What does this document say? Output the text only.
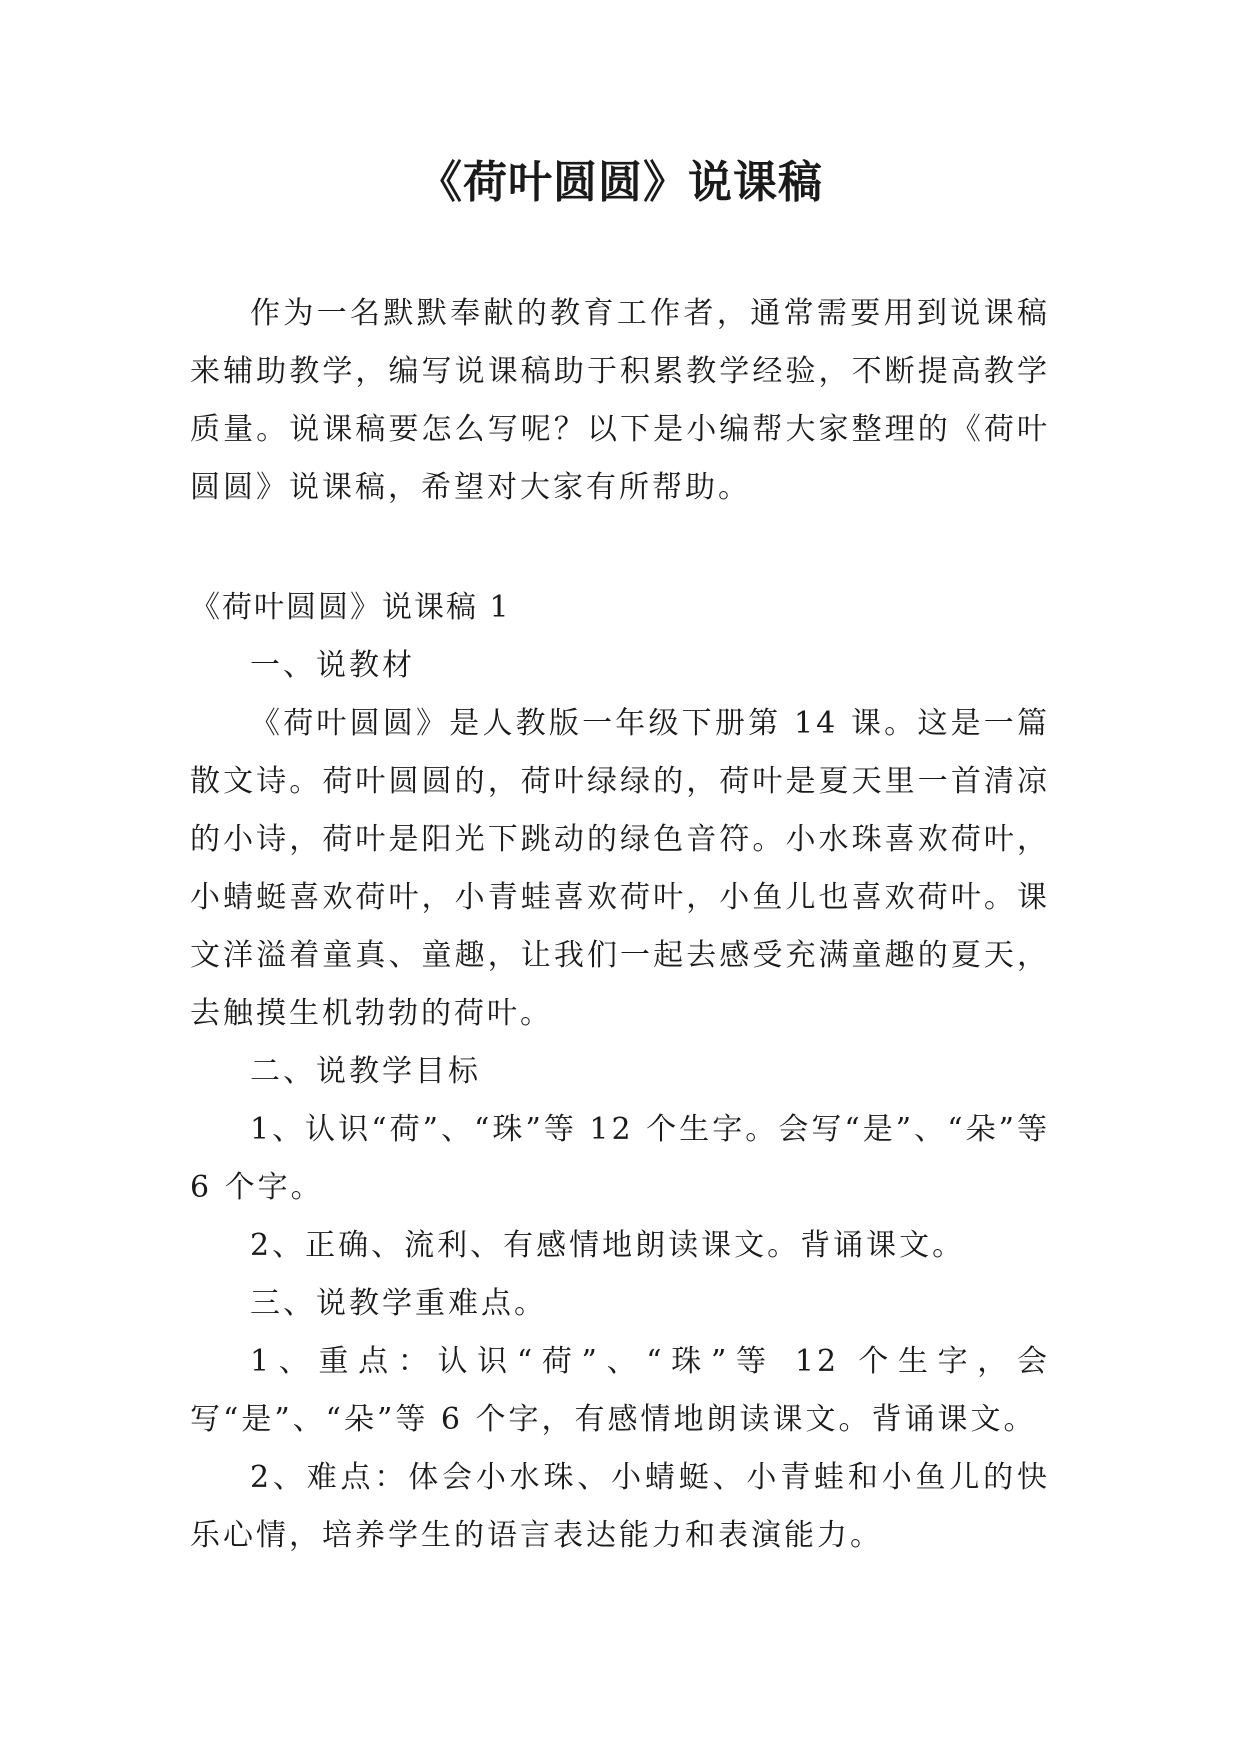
《荷叶圆圆》说课稿

作为一名默默奉献的教育工作者，通常需要用到说课稿来辅助教学，编写说课稿助于积累教学经验，不断提高教学质量。说课稿要怎么写呢？以下是小编帮大家整理的《荷叶圆圆》说课稿，希望对大家有所帮助。

《荷叶圆圆》说课稿 1

一、说教材

《荷叶圆圆》是人教版一年级下册第 14 课。这是一篇散文诗。荷叶圆圆的，荷叶绿绿的，荷叶是夏天里一首清凉的小诗，荷叶是阳光下跳动的绿色音符。小水珠喜欢荷叶，小蜻蜓喜欢荷叶，小青蛙喜欢荷叶，小鱼儿也喜欢荷叶。课文洋溢着童真、童趣，让我们一起去感受充满童趣的夏天，去触摸生机勃勃的荷叶。

二、说教学目标

1、认识“荷”、“珠”等 12 个生字。会写“是”、“朵”等 6 个字。

2、正确、流利、有感情地朗读课文。背诵课文。

三、说教学重难点。

1、重点：认识“荷”、“珠”等 12 个生字，会写“是”、“朵”等 6 个字，有感情地朗读课文。背诵课文。

2、难点：体会小水珠、小蜻蜓、小青蛙和小鱼儿的快乐心情，培养学生的语言表达能力和表演能力。
